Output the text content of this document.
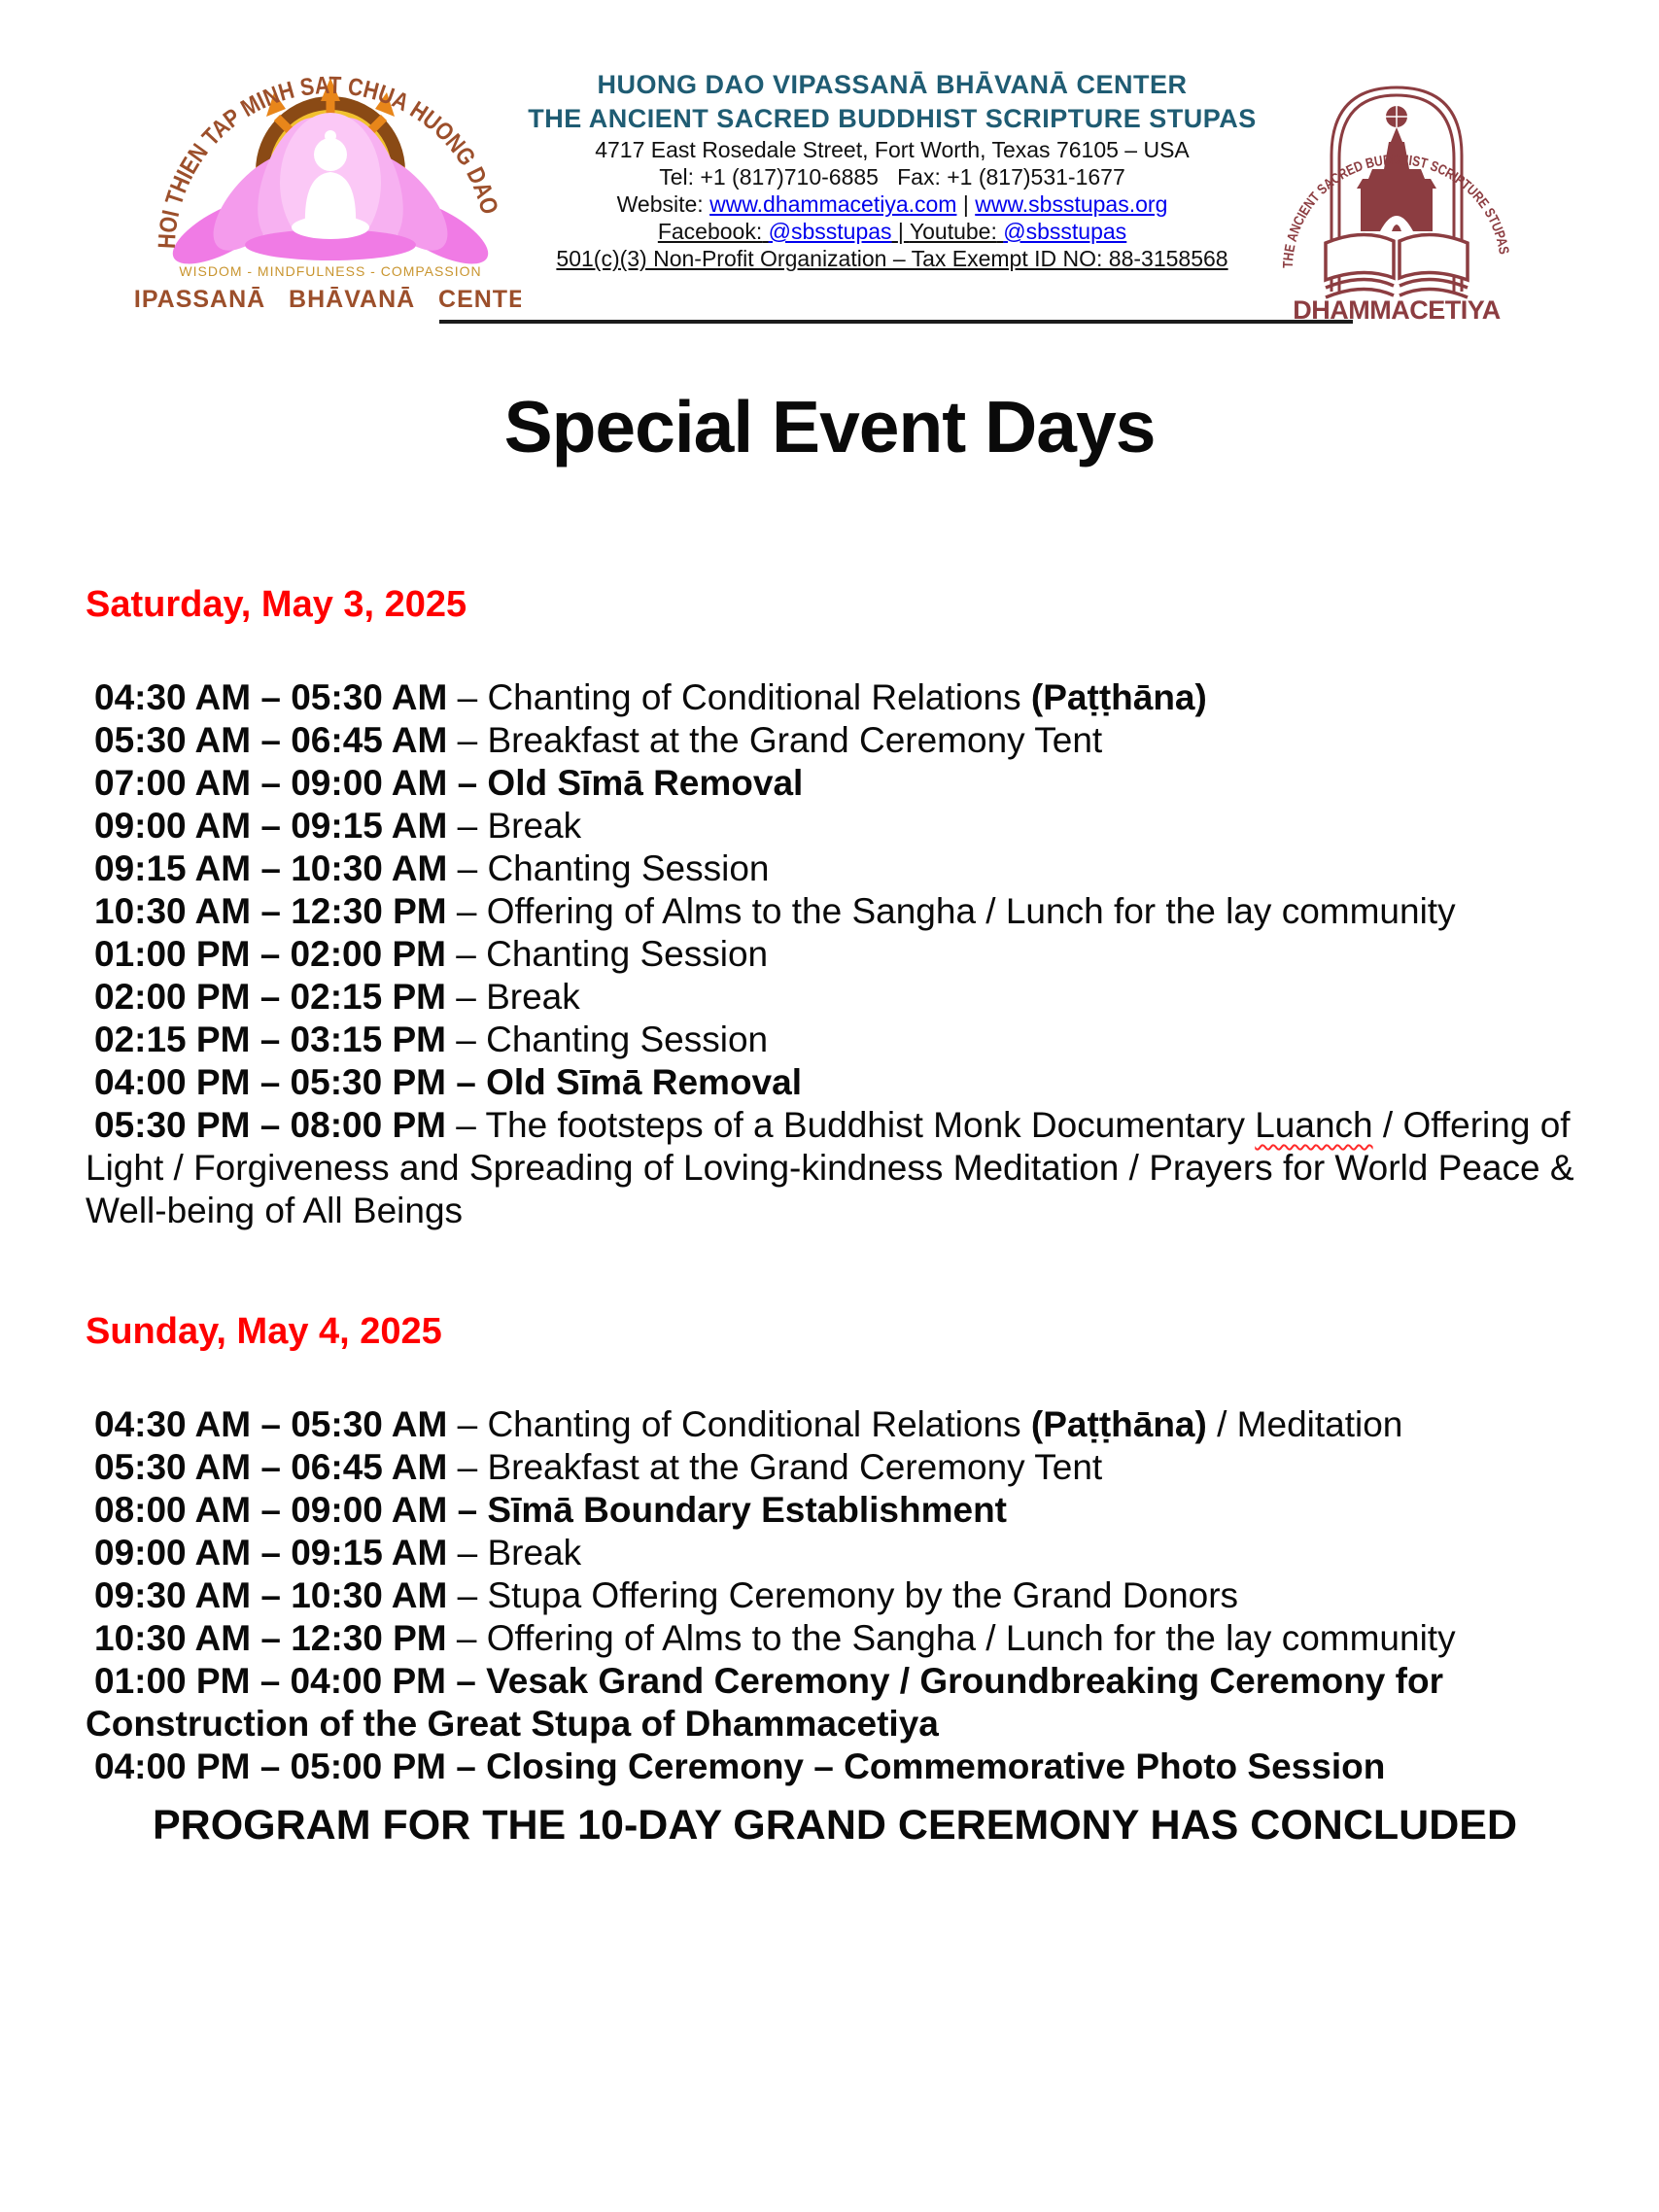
HOI THIEN TAP MINH SAT CHUA HUONG DAO
WISDOM - MINDFULNESS - COMPASSION
VIPASSANĀ   BHĀVANĀ   CENTER
HUONG DAO VIPASSANĀ BHĀVANĀ CENTER
THE ANCIENT SACRED BUDDHIST SCRIPTURE STUPAS
4717 East Rosedale Street, Fort Worth, Texas 76105 – USA
Tel: +1 (817)710-6885   Fax: +1 (817)531-1677
Website: www.dhammacetiya.com | www.sbsstupas.org
Facebook: @sbsstupas | Youtube: @sbsstupas
501(c)(3) Non-Profit Organization – Tax Exempt ID NO: 88-3158568	THE ANCIENT SACRED BUDDHIST SCRIPTURE STUPAS
DHAMMACETIYA
Special Event Days
Saturday, May 3, 2025
04:30 AM – 05:30 AM – Chanting of Conditional Relations (Paṭṭhāna)
05:30 AM – 06:45 AM – Breakfast at the Grand Ceremony Tent
07:00 AM – 09:00 AM – Old Sīmā Removal
09:00 AM – 09:15 AM – Break
09:15 AM – 10:30 AM – Chanting Session
10:30 AM – 12:30 PM – Offering of Alms to the Sangha / Lunch for the lay community
01:00 PM – 02:00 PM – Chanting Session
02:00 PM – 02:15 PM – Break
02:15 PM – 03:15 PM – Chanting Session
04:00 PM – 05:30 PM – Old Sīmā Removal
05:30 PM – 08:00 PM – The footsteps of a Buddhist Monk Documentary Luanch / Offering of Light / Forgiveness and Spreading of Loving-kindness Meditation / Prayers for World Peace & Well-being of All Beings
Sunday, May 4, 2025
04:30 AM – 05:30 AM – Chanting of Conditional Relations (Paṭṭhāna) / Meditation
05:30 AM – 06:45 AM – Breakfast at the Grand Ceremony Tent
08:00 AM – 09:00 AM – Sīmā Boundary Establishment
09:00 AM – 09:15 AM – Break
09:30 AM – 10:30 AM – Stupa Offering Ceremony by the Grand Donors
10:30 AM – 12:30 PM – Offering of Alms to the Sangha / Lunch for the lay community
01:00 PM – 04:00 PM – Vesak Grand Ceremony / Groundbreaking Ceremony for Construction of the Great Stupa of Dhammacetiya
04:00 PM – 05:00 PM – Closing Ceremony – Commemorative Photo Session
PROGRAM FOR THE 10-DAY GRAND CEREMONY HAS CONCLUDED
